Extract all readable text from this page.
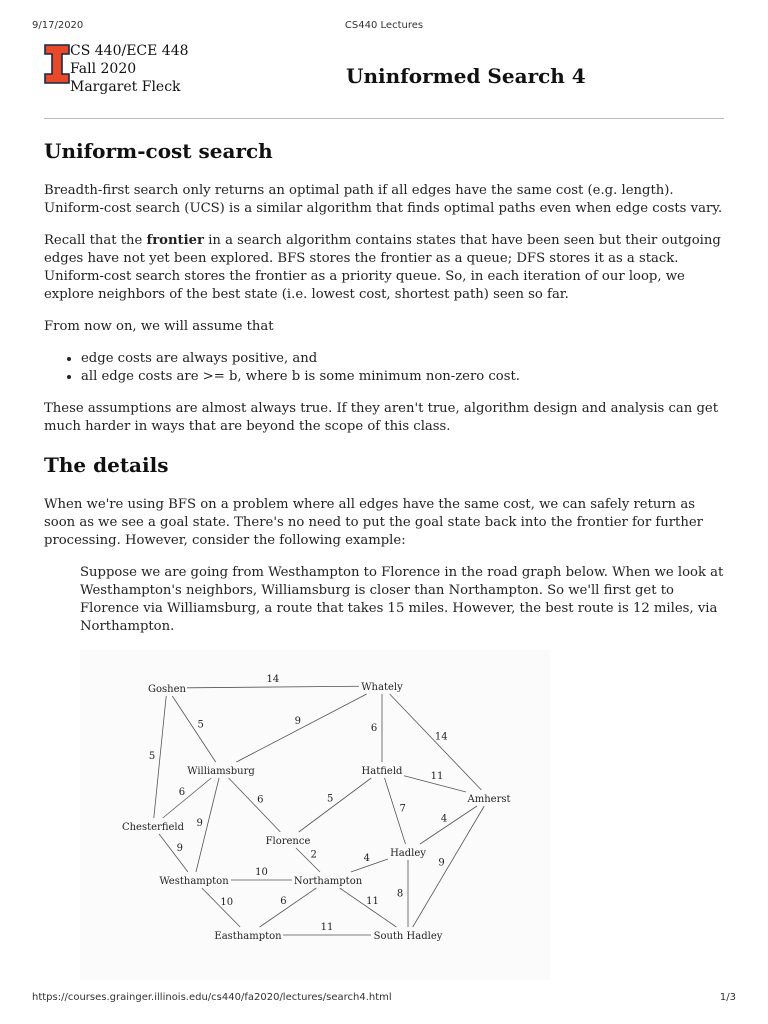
9/17/2020	CS440 Lectures
CS 440/ECE 448
Fall 2020
Margaret Fleck	Uninformed Search 4
Uniform-cost search

Breadth-first search only returns an optimal path if all edges have the same cost (e.g. length). Uniform-cost search (UCS) is a similar algorithm that finds optimal paths even when edge costs vary.

Recall that the frontier in a search algorithm contains states that have been seen but their outgoing edges have not yet been explored. BFS stores the frontier as a queue; DFS stores it as a stack. Uniform-cost search stores the frontier as a priority queue. So, in each iteration of our loop, we explore neighbors of the best state (i.e. lowest cost, shortest path) seen so far.

From now on, we will assume that

• edge costs are always positive, and
• all edge costs are >= b, where b is some minimum non-zero cost.

These assumptions are almost always true. If they aren't true, algorithm design and analysis can get much harder in ways that are beyond the scope of this class.

The details

When we're using BFS on a problem where all edges have the same cost, we can safely return as soon as we see a goal state. There's no need to put the goal state back into the frontier for further processing. However, consider the following example:

Suppose we are going from Westhampton to Florence in the road graph below. When we look at Westhampton's neighbors, Williamsburg is closer than Northampton. So we'll first get to Florence via Williamsburg, a route that takes 15 miles. However, the best route is 12 miles, via Northampton.
14
5
5
9
6
14
6
6
9
11
5
7
4
9
9
2
10
10
4
6	11
8
11
Goshen	Whately
Williamsburg	Hatfield
Amherst
Chesterfield
Florence
Hadley
Westhampton	Northampton
Easthampton	South Hadley
https://courses.grainger.illinois.edu/cs440/fa2020/lectures/search4.html	1/3
